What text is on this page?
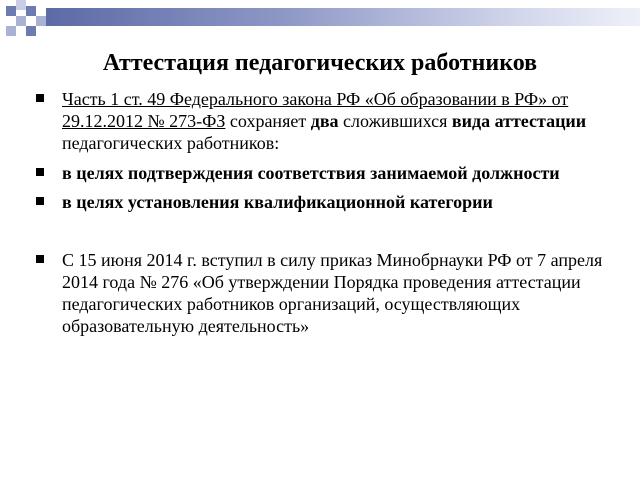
Аттестация педагогических работников
Часть 1 ст. 49 Федерального закона РФ «Об образовании в РФ» от 29.12.2012 № 273-ФЗ сохраняет два сложившихся вида аттестации педагогических работников:
в целях подтверждения соответствия занимаемой должности
в целях установления квалификационной категории
С 15 июня 2014 г. вступил в силу приказ Минобрнауки РФ от 7 апреля 2014 года № 276 «Об утверждении Порядка проведения аттестации педагогических работников организаций, осуществляющих образовательную деятельность»
